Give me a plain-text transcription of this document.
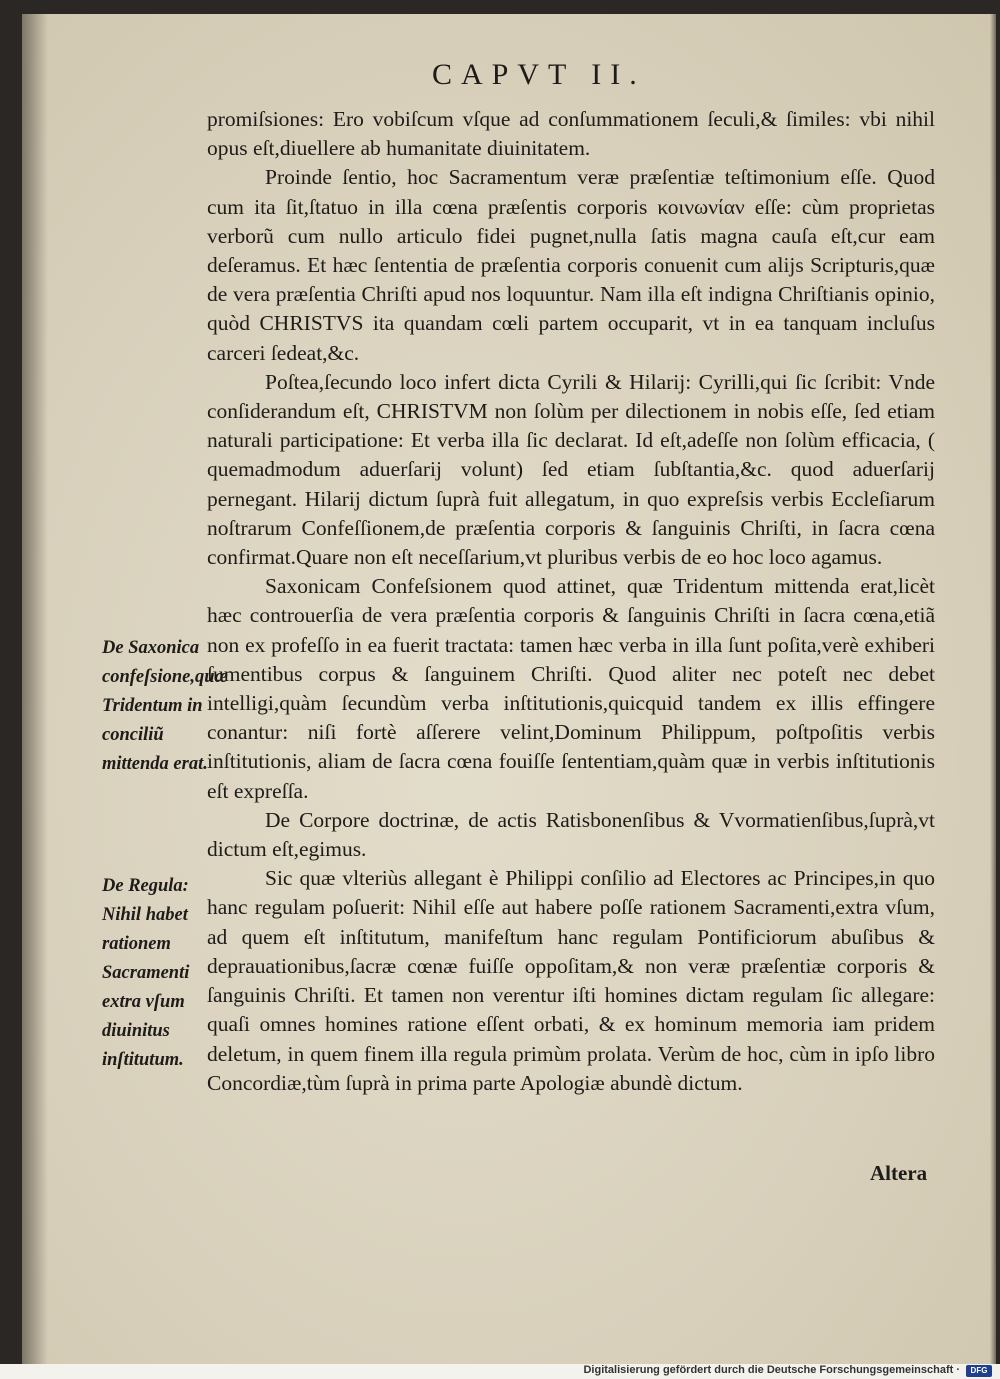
CAPVT II.

promiſsiones: Ero vobiſcum vſque ad conſummationem ſeculi,& ſimiles: vbi nihil opus eſt,diuellere ab humanitate diuinitatem.

Proinde ſentio, hoc Sacramentum veræ præſentiæ teſtimonium eſſe. Quod cum ita ſit,ſtatuo in illa cœna præſentis corporis κοινωνίαν eſſe: cùm proprietas verborũ cum nullo articulo fidei pugnet,nulla ſatis magna cauſa eſt,cur eam deſeramus. Et hæc ſententia de præſentia corporis conuenit cum alijs Scripturis,quæ de vera præſentia Chriſti apud nos loquuntur. Nam illa eſt indigna Chriſtianis opinio, quòd CHRISTVS ita quandam cœli partem occuparit, vt in ea tanquam incluſus carceri ſedeat,&c.

Poſtea,ſecundo loco infert dicta Cyrili & Hilarij: Cyrilli,qui ſic ſcribit: Vnde conſiderandum eſt, CHRISTVM non ſolùm per dilectionem in nobis eſſe, ſed etiam naturali participatione: Et verba illa ſic declarat. Id eſt,adeſſe non ſolùm efficacia, ( quemadmodum aduerſarij volunt) ſed etiam ſubſtantia,&c. quod aduerſarij pernegant. Hilarij dictum ſuprà fuit allegatum, in quo expreſsis verbis Eccleſiarum noſtrarum Confeſſionem,de præſentia corporis & ſanguinis Chriſti, in ſacra cœna confirmat.Quare non eſt neceſſarium,vt pluribus verbis de eo hoc loco agamus.

Saxonicam Confeſsionem quod attinet, quæ Tridentum mittenda erat,licèt hæc controuerſia de vera præſentia corporis & ſanguinis Chriſti in ſacra cœna,etiã non ex profeſſo in ea fuerit tractata: tamen hæc verba in illa ſunt poſita,verè exhiberi ſumentibus corpus & ſanguinem Chriſti. Quod aliter nec poteſt nec debet intelligi,quàm ſecundùm verba inſtitutionis,quicquid tandem ex illis effingere conantur: niſi fortè aſſerere velint,Dominum Philippum, poſtpoſitis verbis inſtitutionis, aliam de ſacra cœna fouiſſe ſententiam,quàm quæ in verbis inſtitutionis eſt expreſſa.

De Corpore doctrinæ, de actis Ratisbonenſibus & Vvormatienſibus,ſuprà,vt dictum eſt,egimus.

Sic quæ vlteriùs allegant è Philippi conſilio ad Electores ac Principes,in quo hanc regulam poſuerit: Nihil eſſe aut habere poſſe rationem Sacramenti,extra vſum, ad quem eſt inſtitutum, manifeſtum hanc regulam Pontificiorum abuſibus & deprauationibus,ſacræ cœnæ fuiſſe oppoſitam,& non veræ præſentiæ corporis & ſanguinis Chriſti. Et tamen non verentur iſti homines dictam regulam ſic allegare: quaſi omnes homines ratione eſſent orbati, & ex hominum memoria iam pridem deletum, in quem finem illa regula primùm prolata. Verùm de hoc, cùm in ipſo libro Concordiæ,tùm ſuprà in prima parte Apologiæ abundè dictum.

De Saxonica confeſsione,quæ Tridentum in conciliũ mittenda erat.
De Regula: Nihil habet rationem Sacramenti extra vſum diuinitus inſtitutum.
Altera
Digitalisierung gefördert durch die Deutsche Forschungsgemeinschaft ·	DFG
